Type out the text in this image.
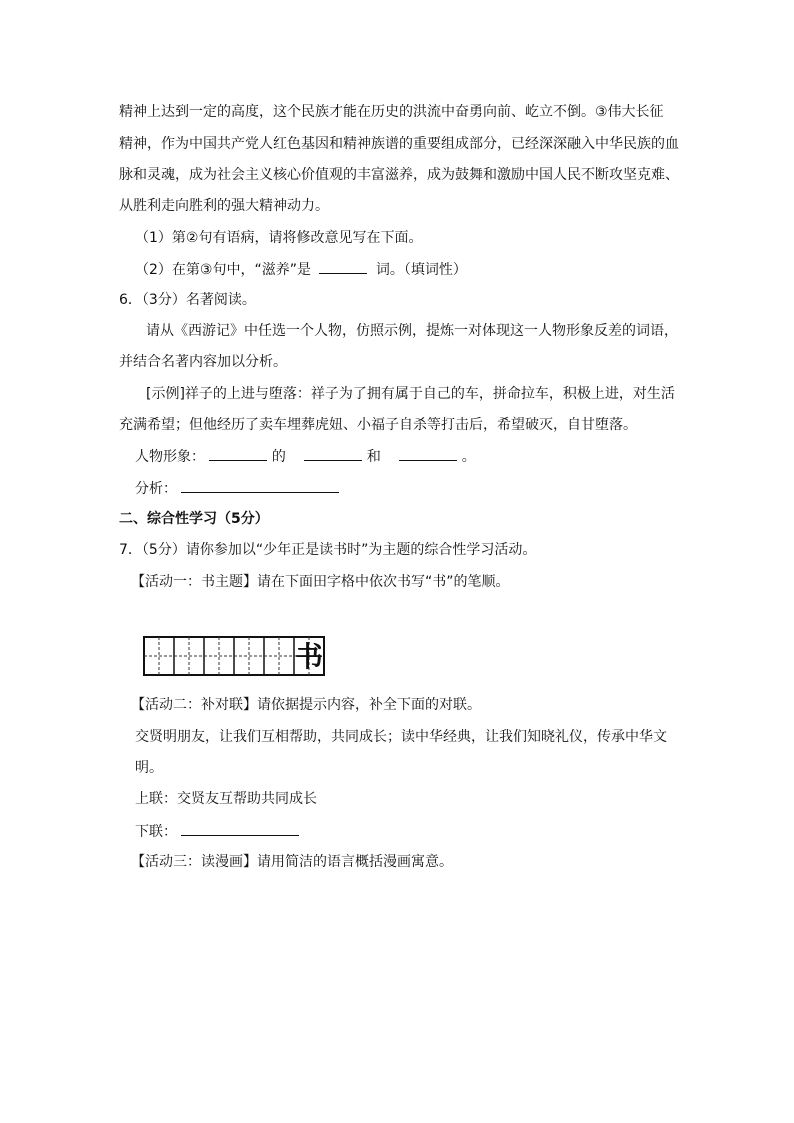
精神上达到一定的高度，这个民族才能在历史的洪流中奋勇向前、屹立不倒。③伟大长征
精神，作为中国共产党人红色基因和精神族谱的重要组成部分，已经深深融入中华民族的血
脉和灵魂，成为社会主义核心价值观的丰富滋养，成为鼓舞和激励中国人民不断攻坚克难、
从胜利走向胜利的强大精神动力。
（1）第②句有语病，请将修改意见写在下面。
（2）在第③句中，“滋养”是	词。（填词性）
6．（3分）名著阅读。
请从《西游记》中任选一个人物，仿照示例，提炼一对体现这一人物形象反差的词语，
并结合名著内容加以分析。
[示例]祥子的上进与堕落：祥子为了拥有属于自己的车，拼命拉车，积极上进，对生活
充满希望；但他经历了卖车埋葬虎妞、小福子自杀等打击后，希望破灭，自甘堕落。
人物形象：	的	和	。
分析：
二、综合性学习（5分）
7．（5分）请你参加以“少年正是读书时”为主题的综合性学习活动。
【活动一：书主题】请在下面田字格中依次书写“书”的笔顺。
书
【活动二：补对联】请依据提示内容，补全下面的对联。
交贤明朋友，让我们互相帮助，共同成长；读中华经典，让我们知晓礼仪，传承中华文
明。
上联：交贤友互帮助共同成长
下联：
【活动三：读漫画】请用简洁的语言概括漫画寓意。
